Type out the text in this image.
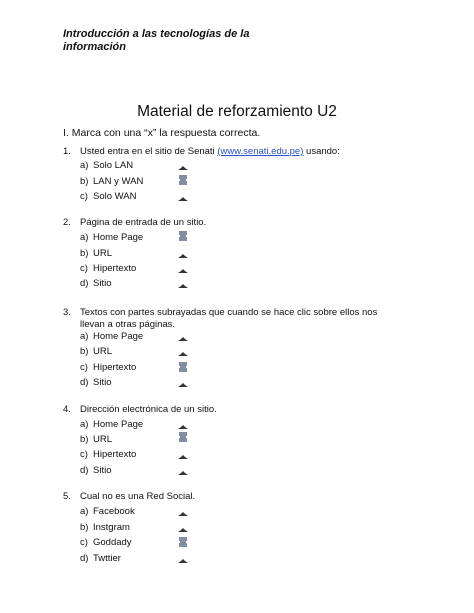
Introducción a las tecnologías de la información
Material de reforzamiento U2
I. Marca con una “x” la respuesta correcta.
1. Usted entra en el sitio de Senati (www.senati.edu.pe) usando:
a) Solo LAN
b) LAN y WAN
c) Solo WAN
2. Página de entrada de un sitio.
a) Home Page
b) URL
c) Hipertexto
d) Sitio
3. Textos con partes subrayadas que cuando se hace clic sobre ellos nos llevan a otras páginas.
a) Home Page
b) URL
c) Hipertexto
d) Sitio
4. Dirección electrónica de un sitio.
a) Home Page
b) URL
c) Hipertexto
d) Sitio
5. Cual no es una Red Social.
a) Facebook
b) Instgram
c) Goddady
d) Twttier
